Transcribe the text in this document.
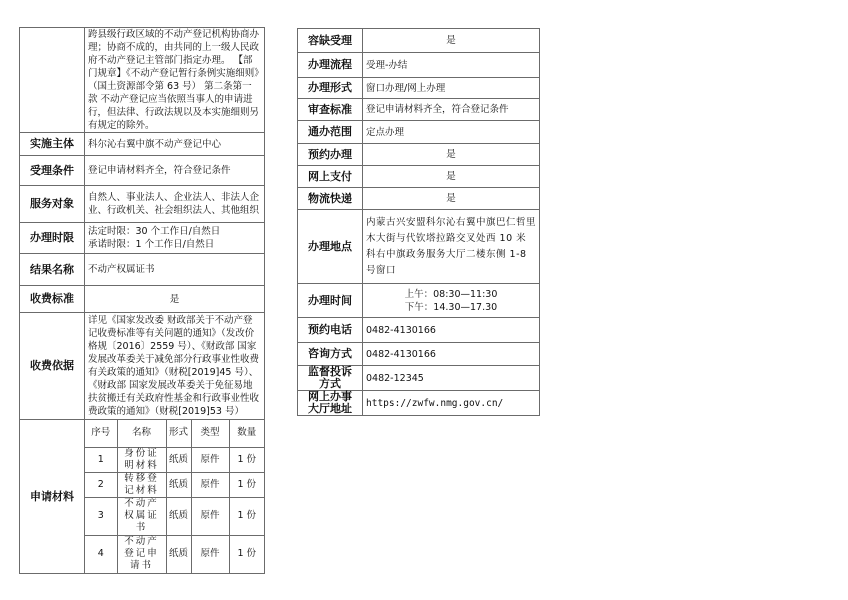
	跨县级行政区域的不动产登记机构协商办理；协商不成的，由共同的上一级人民政府不动产登记主管部门指定办理。 【部门规章】《不动产登记暂行条例实施细则》（国土资源部令第 63 号） 第二条第一款 不动产登记应当依照当事人的申请进行，但法律、行政法规以及本实施细则另有规定的除外。
实施主体	科尔沁右翼中旗不动产登记中心
受理条件	登记申请材料齐全，符合登记条件
服务对象	自然人、事业法人、企业法人、非法人企业、行政机关、社会组织法人、其他组织
办理时限	法定时限：30 个工作日/自然日
承诺时限：1 个工作日/自然日

结果名称	不动产权属证书
收费标准	是
收费依据	详见《国家发改委 财政部关于不动产登记收费标准等有关问题的通知》（发改价格规〔2016〕2559 号）、《财政部 国家发展改革委关于减免部分行政事业性收费有关政策的通知》（财税[2019]45 号）、《财政部 国家发展改革委关于免征易地扶贫搬迁有关政府性基金和行政事业性收费政策的通知》（财税[2019]53 号）
申请材料	
序号	名称	形式	类型	数量
1	身份证明材料	纸质	原件	1 份
2	转移登记材料	纸质	原件	1 份
3	不动产权属证书	纸质	原件	1 份
4	不动产登记申请书	纸质	原件	1 份
容缺受理	是
办理流程	受理-办结
办理形式	窗口办理/网上办理
审查标准	登记申请材料齐全，符合登记条件
通办范围	定点办理
预约办理	是
网上支付	是
物流快递	是
办理地点	内蒙古兴安盟科尔沁右翼中旗巴仁哲里木大街与代钦塔拉路交叉处西 10 米科右中旗政务服务大厅二楼东侧 1-8 号窗口
办理时间	上午：08:30—11:30
下午：14.30—17.30

预约电话	0482-4130166
咨询方式	0482-4130166

监督投诉
方式	0482-12345

网上办事
大厅地址	https://zwfw.nmg.gov.cn/
